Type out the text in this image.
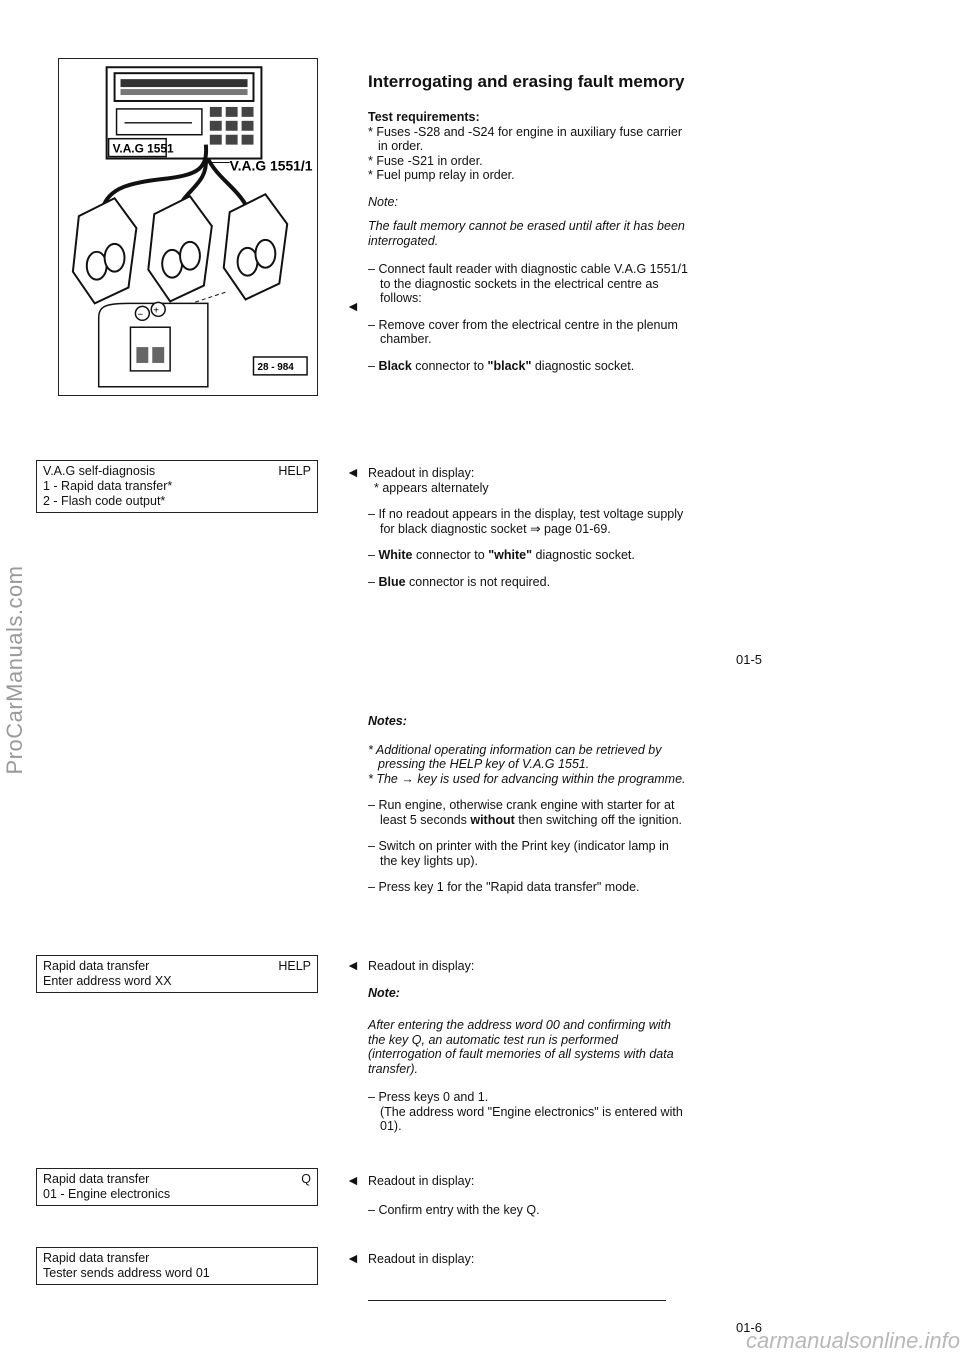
ProCarManuals.com
V.A.G 1551
V.A.G 1551/1
− +
28 - 984
Interrogating and erasing fault memory
Test requirements:
* Fuses -S28 and -S24 for engine in auxiliary fuse carrier in order.
* Fuse -S21 in order.
* Fuel pump relay in order.
Note:
The fault memory cannot be erased until after it has been interrogated.
– Connect fault reader with diagnostic cable V.A.G 1551/1 to the diagnostic sockets in the electrical centre as follows:
– Remove cover from the electrical centre in the plenum chamber.
– Black connector to "black" diagnostic socket.
◄
V.A.G self-diagnosis	HELP
1 - Rapid data transfer*
2 - Flash code output*
◄ Readout in display:
* appears alternately
– If no readout appears in the display, test voltage supply for black diagnostic socket ⇒ page 01-69.
– White connector to "white" diagnostic socket.
– Blue connector is not required.
01-5
Notes:
* Additional operating information can be retrieved by pressing the HELP key of V.A.G 1551.
* The → key is used for advancing within the programme.
– Run engine, otherwise crank engine with starter for at least 5 seconds without then switching off the ignition.
– Switch on printer with the Print key (indicator lamp in the key lights up).
– Press key 1 for the "Rapid data transfer" mode.
Rapid data transfer	HELP
Enter address word XX
◄ Readout in display:
Note:
After entering the address word 00 and confirming with the key Q, an automatic test run is performed (interrogation of fault memories of all systems with data transfer).
– Press keys 0 and 1.
(The address word "Engine electronics" is entered with 01).
Rapid data transfer	Q
01 - Engine electronics
◄ Readout in display:
– Confirm entry with the key Q.
Rapid data transfer
Tester sends address word 01
◄ Readout in display:
01-6
carmanualsonline.info
